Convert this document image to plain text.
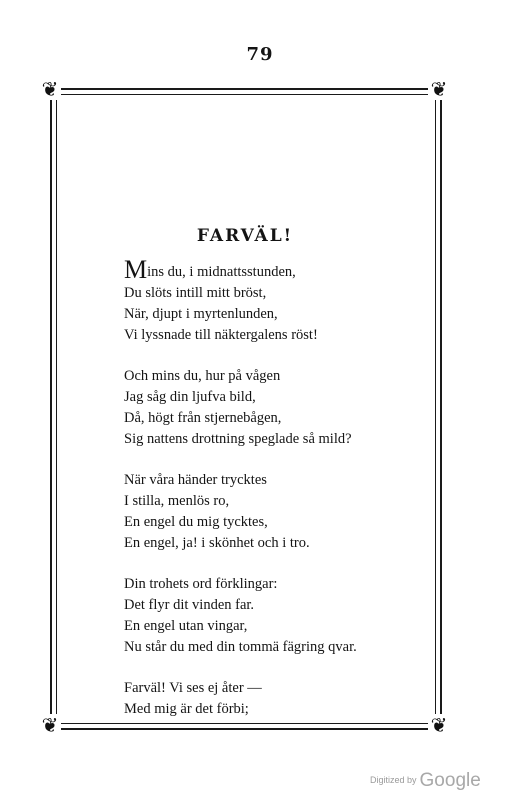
79
❦	❦
❦	❦
FARVÄL!
Mins du, i midnattsstunden,
Du slöts intill mitt bröst,
När, djupt i myrtenlunden,
Vi lyssnade till näktergalens röst!
Och mins du, hur på vågen
Jag såg din ljufva bild,
Då, högt från stjernebågen,
Sig nattens drottning speglade så mild?
När våra händer trycktes
I stilla, menlös ro,
En engel du mig tycktes,
En engel, ja! i skönhet och i tro.
Din trohets ord förklingar:
Det flyr dit vinden far.
En engel utan vingar,
Nu står du med din tommä fägring qvar.
Farväl! Vi ses ej åter —
Med mig är det förbi;
Digitized by Google
